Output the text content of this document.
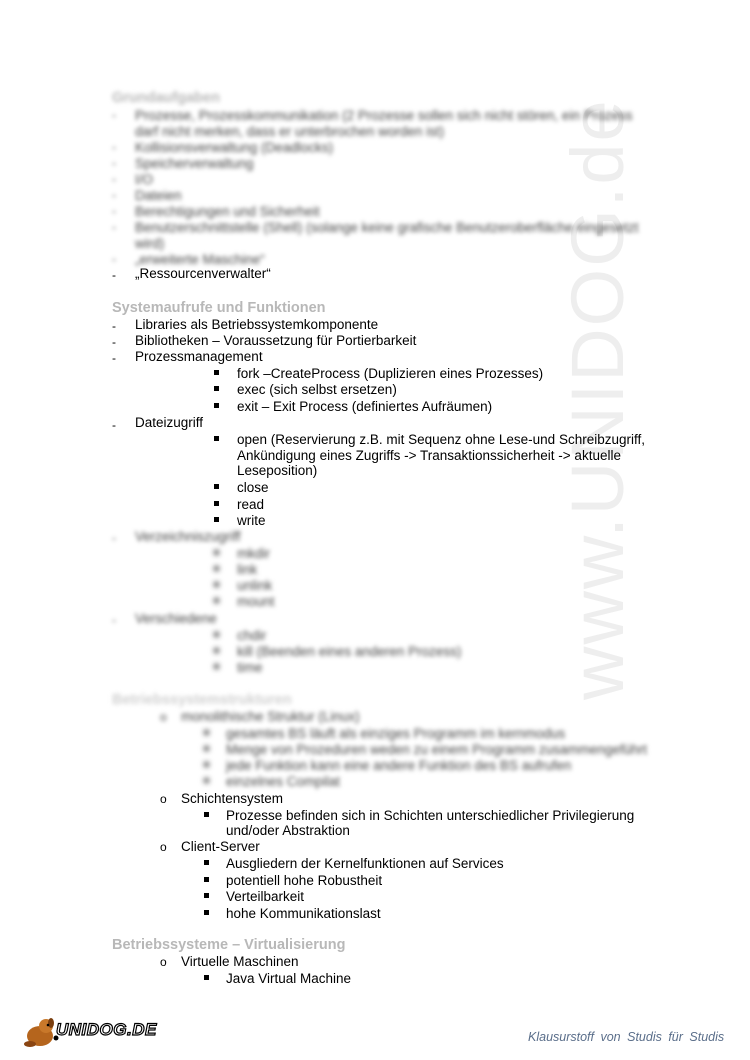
www.UNIDOG.de
Grundaufgaben
- Prozesse, Prozesskommunikation (2 Prozesse sollen sich nicht stören, ein Prozess
darf nicht merken, dass er unterbrochen worden ist)
- Kollisionsverwaltung (Deadlocks)
- Speicherverwaltung
- I/O
- Dateien
- Berechtigungen und Sicherheit
- Benutzerschnittstelle (Shell) (solange keine grafische Benutzeroberfläche eingesetzt
wird)
- „erweiterte Maschine“
- „Ressourcenverwalter“
Systemaufrufe und Funktionen
- Libraries als Betriebssystemkomponente
- Bibliotheken – Voraussetzung für Portierbarkeit
- Prozessmanagement
fork –CreateProcess (Duplizieren eines Prozesses)
exec (sich selbst ersetzen)
exit – Exit Process (definiertes Aufräumen)
- Dateizugriff
open (Reservierung z.B. mit Sequenz ohne Lese-und Schreibzugriff,
Ankündigung eines Zugriffs -> Transaktionssicherheit -> aktuelle
Leseposition)
close
read
write
- Verzeichniszugriff
mkdir
link
unlink
mount
- Verschiedene
chdir
kill (Beenden eines anderen Prozess)
time
Betriebssystemstrukturen
o monolithische Struktur (Linux)
gesamtes BS läuft als einziges Programm im kernmodus
Menge von Prozeduren weden zu einem Programm zusammengeführt
jede Funktion kann eine andere Funktion des BS aufrufen
einzelnes Compilat
o Schichtensystem
Prozesse befinden sich in Schichten unterschiedlicher Privilegierung
und/oder Abstraktion
o Client-Server
Ausgliedern der Kernelfunktionen auf Services
potentiell hohe Robustheit
Verteilbarkeit
hohe Kommunikationslast
Betriebssysteme – Virtualisierung
o Virtuelle Maschinen
Java Virtual Machine
UNIDOG.DE	Klausurstoff von Studis für Studis
